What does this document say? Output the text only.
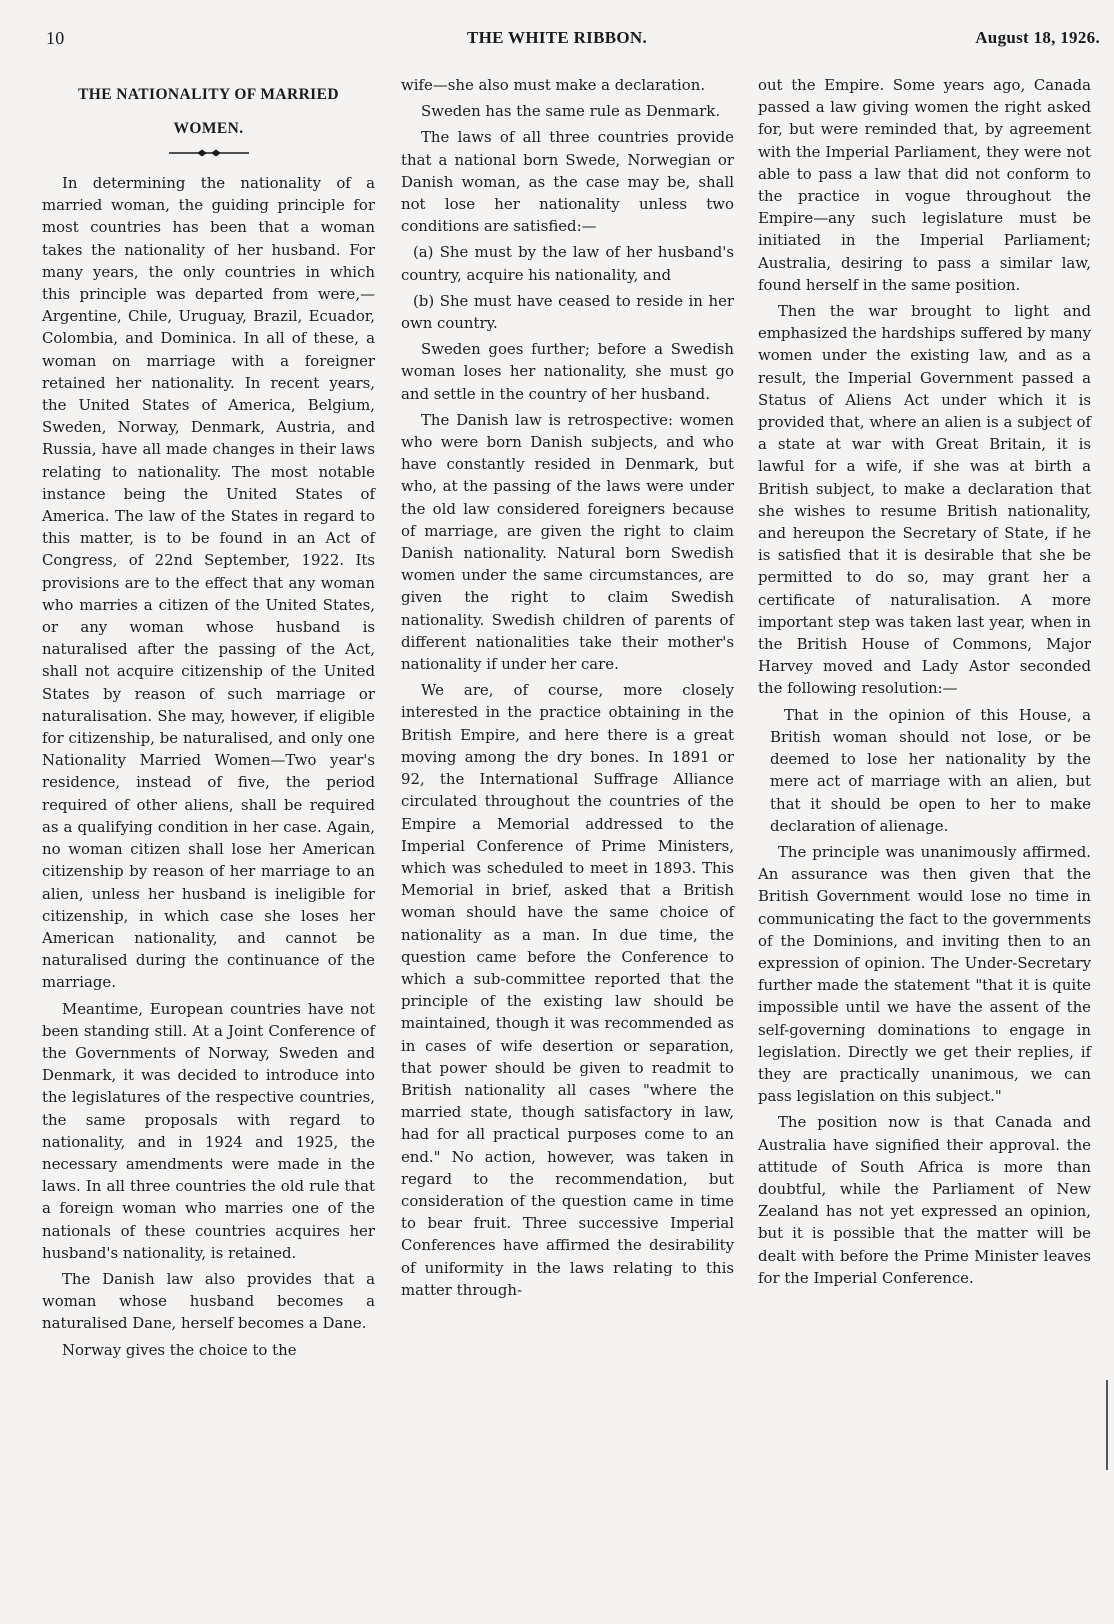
10	THE WHITE RIBBON.	August 18, 1926.
THE NATIONALITY OF MARRIED WOMEN.

In determining the nationality of a married woman, the guiding principle for most countries has been that a woman takes the nationality of her husband. For many years, the only countries in which this principle was departed from were,—Argentine, Chile, Uruguay, Brazil, Ecuador, Colombia, and Dominica. In all of these, a woman on marriage with a foreigner retained her nationality. In recent years, the United States of America, Belgium, Sweden, Norway, Denmark, Austria, and Russia, have all made changes in their laws relating to nationality. The most notable instance being the United States of America. The law of the States in regard to this matter, is to be found in an Act of Congress, of 22nd September, 1922. Its provisions are to the effect that any woman who marries a citizen of the United States, or any woman whose husband is naturalised after the passing of the Act, shall not acquire citizenship of the United States by reason of such marriage or naturalisation. She may, however, if eligible for citizenship, be naturalised, and only one Nationality Married Women—Two year's residence, instead of five, the period required of other aliens, shall be required as a qualifying condition in her case. Again, no woman citizen shall lose her American citizenship by reason of her marriage to an alien, unless her husband is ineligible for citizenship, in which case she loses her American nationality, and cannot be naturalised during the continuance of the marriage.

Meantime, European countries have not been standing still. At a Joint Conference of the Governments of Norway, Sweden and Denmark, it was decided to introduce into the legislatures of the respective countries, the same proposals with regard to nationality, and in 1924 and 1925, the necessary amendments were made in the laws. In all three countries the old rule that a foreign woman who marries one of the nationals of these countries acquires her husband's nationality, is retained.

The Danish law also provides that a woman whose husband becomes a naturalised Dane, herself becomes a Dane.

Norway gives the choice to the

wife—she also must make a declaration.

Sweden has the same rule as Denmark.

The laws of all three countries provide that a national born Swede, Norwegian or Danish woman, as the case may be, shall not lose her nationality unless two conditions are satisfied:—

(a) She must by the law of her husband's country, acquire his nationality, and

(b) She must have ceased to reside in her own country.

Sweden goes further; before a Swedish woman loses her nationality, she must go and settle in the country of her husband.

The Danish law is retrospective: women who were born Danish subjects, and who have constantly resided in Denmark, but who, at the passing of the laws were under the old law considered foreigners because of marriage, are given the right to claim Danish nationality. Natural born Swedish women under the same circumstances, are given the right to claim Swedish nationality. Swedish children of parents of different nationalities take their mother's nationality if under her care.

We are, of course, more closely interested in the practice obtaining in the British Empire, and here there is a great moving among the dry bones. In 1891 or 92, the International Suffrage Alliance circulated throughout the countries of the Empire a Memorial addressed to the Imperial Conference of Prime Ministers, which was scheduled to meet in 1893. This Memorial in brief, asked that a British woman should have the same choice of nationality as a man. In due time, the question came before the Conference to which a sub-committee reported that the principle of the existing law should be maintained, though it was recommended as in cases of wife desertion or separation, that power should be given to readmit to British nationality all cases "where the married state, though satisfactory in law, had for all practical purposes come to an end." No action, however, was taken in regard to the recommendation, but consideration of the question came in time to bear fruit. Three successive Imperial Conferences have affirmed the desirability of uniformity in the laws relating to this matter through-

out the Empire. Some years ago, Canada passed a law giving women the right asked for, but were reminded that, by agreement with the Imperial Parliament, they were not able to pass a law that did not conform to the practice in vogue throughout the Empire—any such legislature must be initiated in the Imperial Parliament; Australia, desiring to pass a similar law, found herself in the same position.

Then the war brought to light and emphasized the hardships suffered by many women under the existing law, and as a result, the Imperial Government passed a Status of Aliens Act under which it is provided that, where an alien is a subject of a state at war with Great Britain, it is lawful for a wife, if she was at birth a British subject, to make a declaration that she wishes to resume British nationality, and hereupon the Secretary of State, if he is satisfied that it is desirable that she be permitted to do so, may grant her a certificate of naturalisation. A more important step was taken last year, when in the British House of Commons, Major Harvey moved and Lady Astor seconded the following resolution:—

That in the opinion of this House, a British woman should not lose, or be deemed to lose her nationality by the mere act of marriage with an alien, but that it should be open to her to make declaration of alienage.

The principle was unanimously affirmed. An assurance was then given that the British Government would lose no time in communicating the fact to the governments of the Dominions, and inviting then to an expression of opinion. The Under-Secretary further made the statement "that it is quite impossible until we have the assent of the self-governing dominations to engage in legislation. Directly we get their replies, if they are practically unanimous, we can pass legislation on this subject."

The position now is that Canada and Australia have signified their approval. the attitude of South Africa is more than doubtful, while the Parliament of New Zealand has not yet expressed an opinion, but it is possible that the matter will be dealt with before the Prime Minister leaves for the Imperial Conference.
